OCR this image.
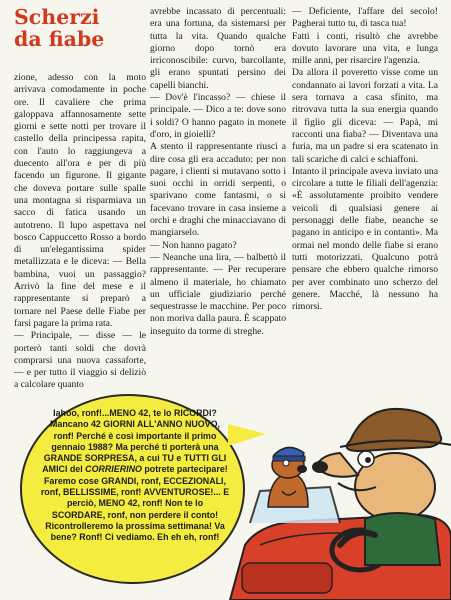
Scherzi
da fiabe

zione, adesso con la moto arrivava comodamente in poche ore. Il cavaliere che prima galoppava affannosamente sette giorni e sette notti per trovare il castello della principessa rapita, con l'auto lo raggiungeva a duecento all'ora e per di più facendo un figurone. Il gigante che doveva portare sulle spalle una montagna si risparmiava un sacco di fatica usando un autotreno. Il lupo aspettava nel bosco Cappuccetto Rosso a bordo di un'elegantissima spider metallizzata e le diceva: — Bella bambina, vuoi un passaggio? Arrivò la fine del mese e il rappresentante si preparò a tornare nel Paese delle Fiabe per farsi pagare la prima rata.

— Principale, — disse — le porterò tanti soldi che dovrà comprarsi una nuova cassaforte, — e per tutto il viaggio si deliziò a calcolare quanto

avrebbe incassato di percentuali: era una fortuna, da sistemarsi per tutta la vita. Quando qualche giorno dopo tornò era irriconoscibile: curvo, barcollante, gli erano spuntati persino dei capelli bianchi.

— Dov'è l'incasso? — chiese il principale. — Dico a te: dove sono i soldi? O hanno pagato in monete d'oro, in gioielli?

A stento il rappresentante riuscì a dire cosa gli era accaduto: per non pagare, i clienti si mutavano sotto i suoi occhi in orridi serpenti, o sparivano come fantasmi, o si facevano trovare in casa insieme a orchi e draghi che minacciavano di mangiarselo.

— Non hanno pagato?

— Neanche una lira, — balbettò il rappresentante. — Per recuperare almeno il materiale, ho chiamato un ufficiale giudiziario perché sequestrasse le macchine. Per poco non moriva dalla paura. È scappato inseguito da torme di streghe.

— Deficiente, l'affare del secolo! Pagherai tutto tu, di tasca tua!

Fatti i conti, risultò che avrebbe dovuto lavorare una vita, e lunga mille anni, per risarcire l'agenzia.

Da allora il poveretto visse come un condannato ai lavori forzati a vita. La sera tornava a casa sfinito, ma ritrovava tutta la sua energia quando il figlio gli diceva: — Papà, mi racconti una fiaba? — Diventava una furia, ma un padre si era scatenato in tali scariche di calci e schiaffoni.

Intanto il principale aveva inviato una circolare a tutte le filiali dell'agenzia: «È assolutamente proibito vendere veicoli di qualsiasi genere ai personaggi delle fiabe, neanche se pagano in anticipo e in contanti». Ma ormai nel mondo delle fiabe si erano tutti motorizzati. Qualcuno potrà pensare che ebbero qualche rimorso per aver combinato uno scherzo del genere. Macché, là nessuno ha rimorsi.

Iahoo, ronf!...MENO 42, te lo RICORDI? Mancano 42 GIORNI ALL'ANNO NUOVO, ronf! Perché è così importante il primo gennaio 1988? Ma perché ti porterà una GRANDE SORPRESA, a cui TU e TUTTI GLI AMICI del CORRIERINO potrete partecipare! Faremo cose GRANDI, ronf, ECCEZIONALI, ronf, BELLISSIME, ronf! AVVENTUROSE!... E perciò, MENO 42, ronf! Non te lo SCORDARE, ronf, non perdere il conto! Ricontrolleremo la prossima settimana! Va bene? Ronf! Ci vediamo. Eh eh eh, ronf!
